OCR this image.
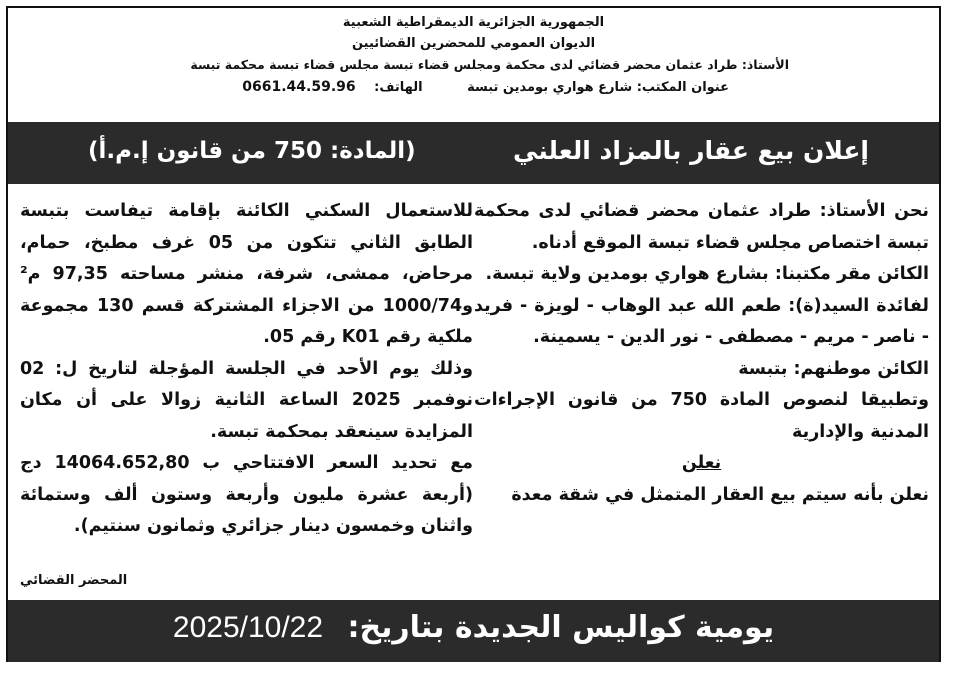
الجمهورية الجزائرية الديمقراطية الشعبية
الديوان العمومي للمحضرين القضائيين
الأستاذ: طراد عثمان محضر قضائي لدى محكمة ومجلس قضاء تبسة مجلس قضاء تبسة محكمة تبسة
عنوان المكتب: شارع هواري بومدين تبسة الهاتف: 0661.44.59.96
إعلان بيع عقار بالمزاد العلني
(المادة: 750 من قانون إ.م.أ)

نحن الأستاذ: طراد عثمان محضر قضائي لدى محكمة تبسة اختصاص مجلس قضاء تبسة الموقع أدناه.

الكائن مقر مكتبنا: بشارع هواري بومدين ولاية تبسة.

لفائدة السيد(ة): طعم الله عبد الوهاب - لويزة - فريد - ناصر - مريم - مصطفى - نور الدين - يسمينة.

الكائن موطنهم: بتبسة

وتطبيقا لنصوص المادة 750 من قانون الإجراءات المدنية والإدارية

نعلن

نعلن بأنه سيتم بيع العقار المتمثل في شقة معدة

للاستعمال السكني الكائنة بإقامة تيفاست بتبسة الطابق الثاني تتكون من 05 غرف مطبخ، حمام، مرحاض، ممشى، شرفة، منشر مساحته 97,35 م² و1000/74 من الاجزاء المشتركة قسم 130 مجموعة ملكية رقم K01 رقم 05.

وذلك يوم الأحد في الجلسة المؤجلة لتاريخ ل: 02 نوفمبر 2025 الساعة الثانية زوالا على أن مكان المزايدة سينعقد بمحكمة تبسة.

مع تحديد السعر الافتتاحي ب 14064.652,80 دج (أربعة عشرة مليون وأربعة وستون ألف وستمائة واثنان وخمسون دينار جزائري وثمانون سنتيم).

المحضر القضائي
يومية كواليس الجديدة بتاريخ: 2025/10/22
